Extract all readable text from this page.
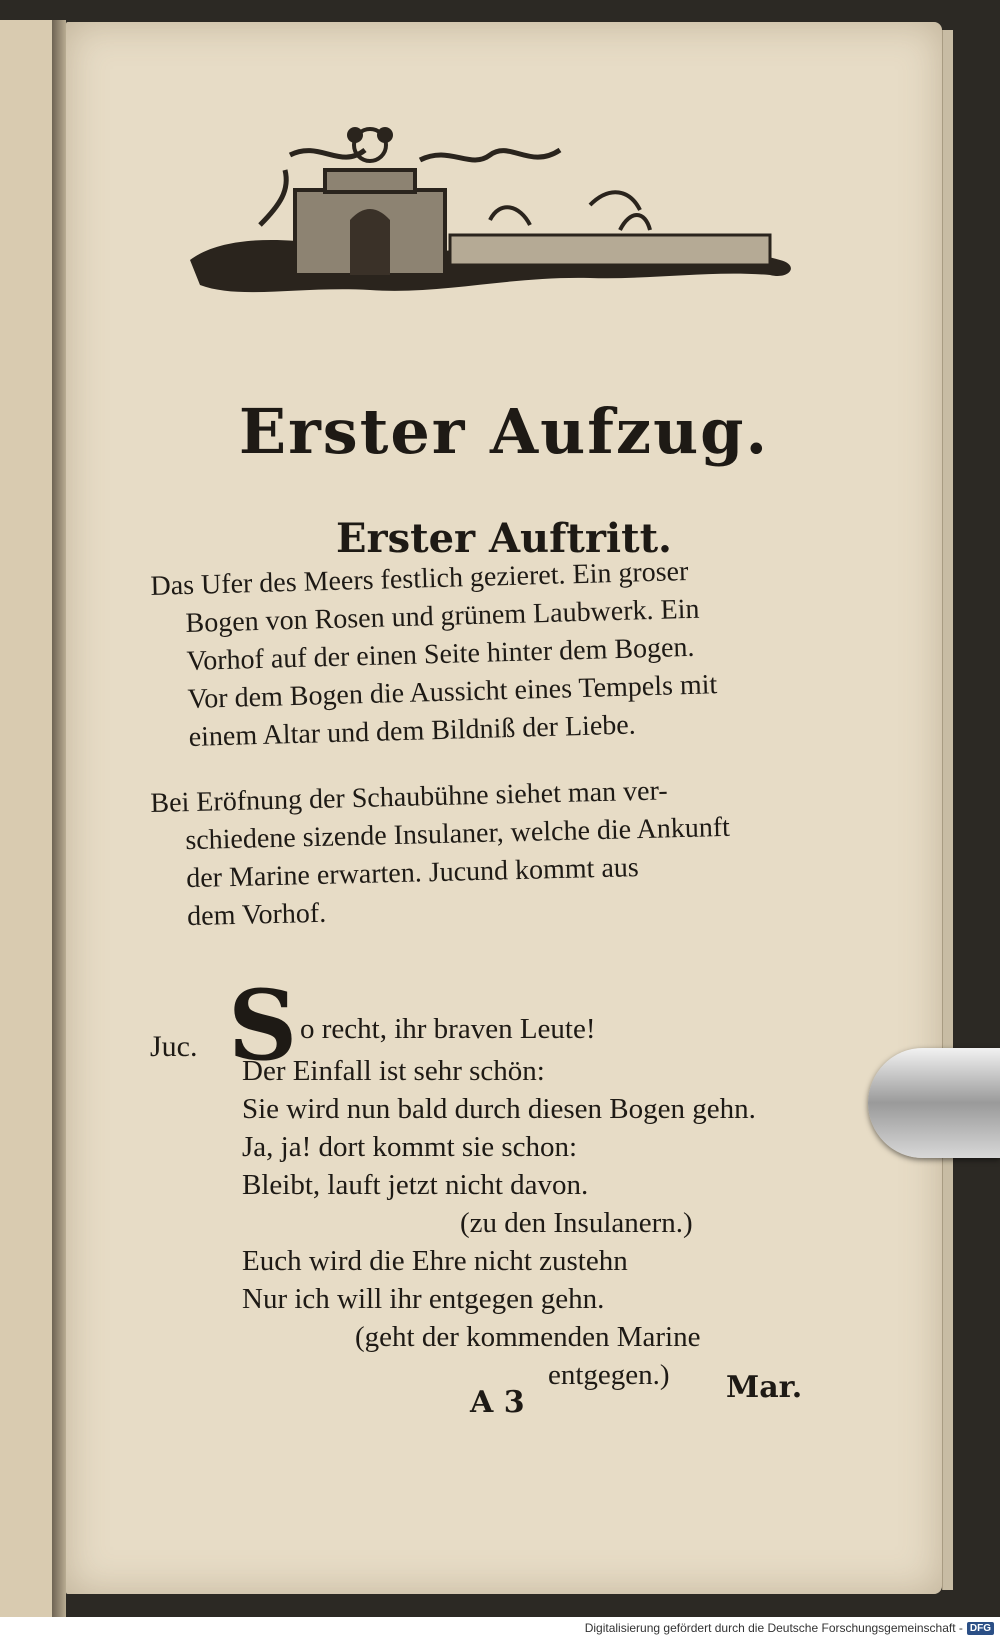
Erster Aufzug.
Erster Auftritt.
Das Ufer des Meers festlich gezieret. Ein groser
Bogen von Rosen und grünem Laubwerk. Ein
Vorhof auf der einen Seite hinter dem Bogen.
Vor dem Bogen die Aussicht eines Tempels mit
einem Altar und dem Bildniß der Liebe.
Bei Eröfnung der Schaubühne siehet man ver-
schiedene sizende Insulaner, welche die Ankunft
der Marine erwarten. Jucund kommt aus
dem Vorhof.
Juc. S o recht, ihr braven Leute!
Der Einfall ist sehr schön:
Sie wird nun bald durch diesen Bogen gehn.
Ja, ja! dort kommt sie schon:
Bleibt, lauft jetzt nicht davon.
(zu den Insulanern.)
Euch wird die Ehre nicht zustehn
Nur ich will ihr entgegen gehn.
(geht der kommenden Marine
entgegen.)
A 3	Mar.
Digitalisierung gefördert durch die Deutsche Forschungsgemeinschaft - DFG
